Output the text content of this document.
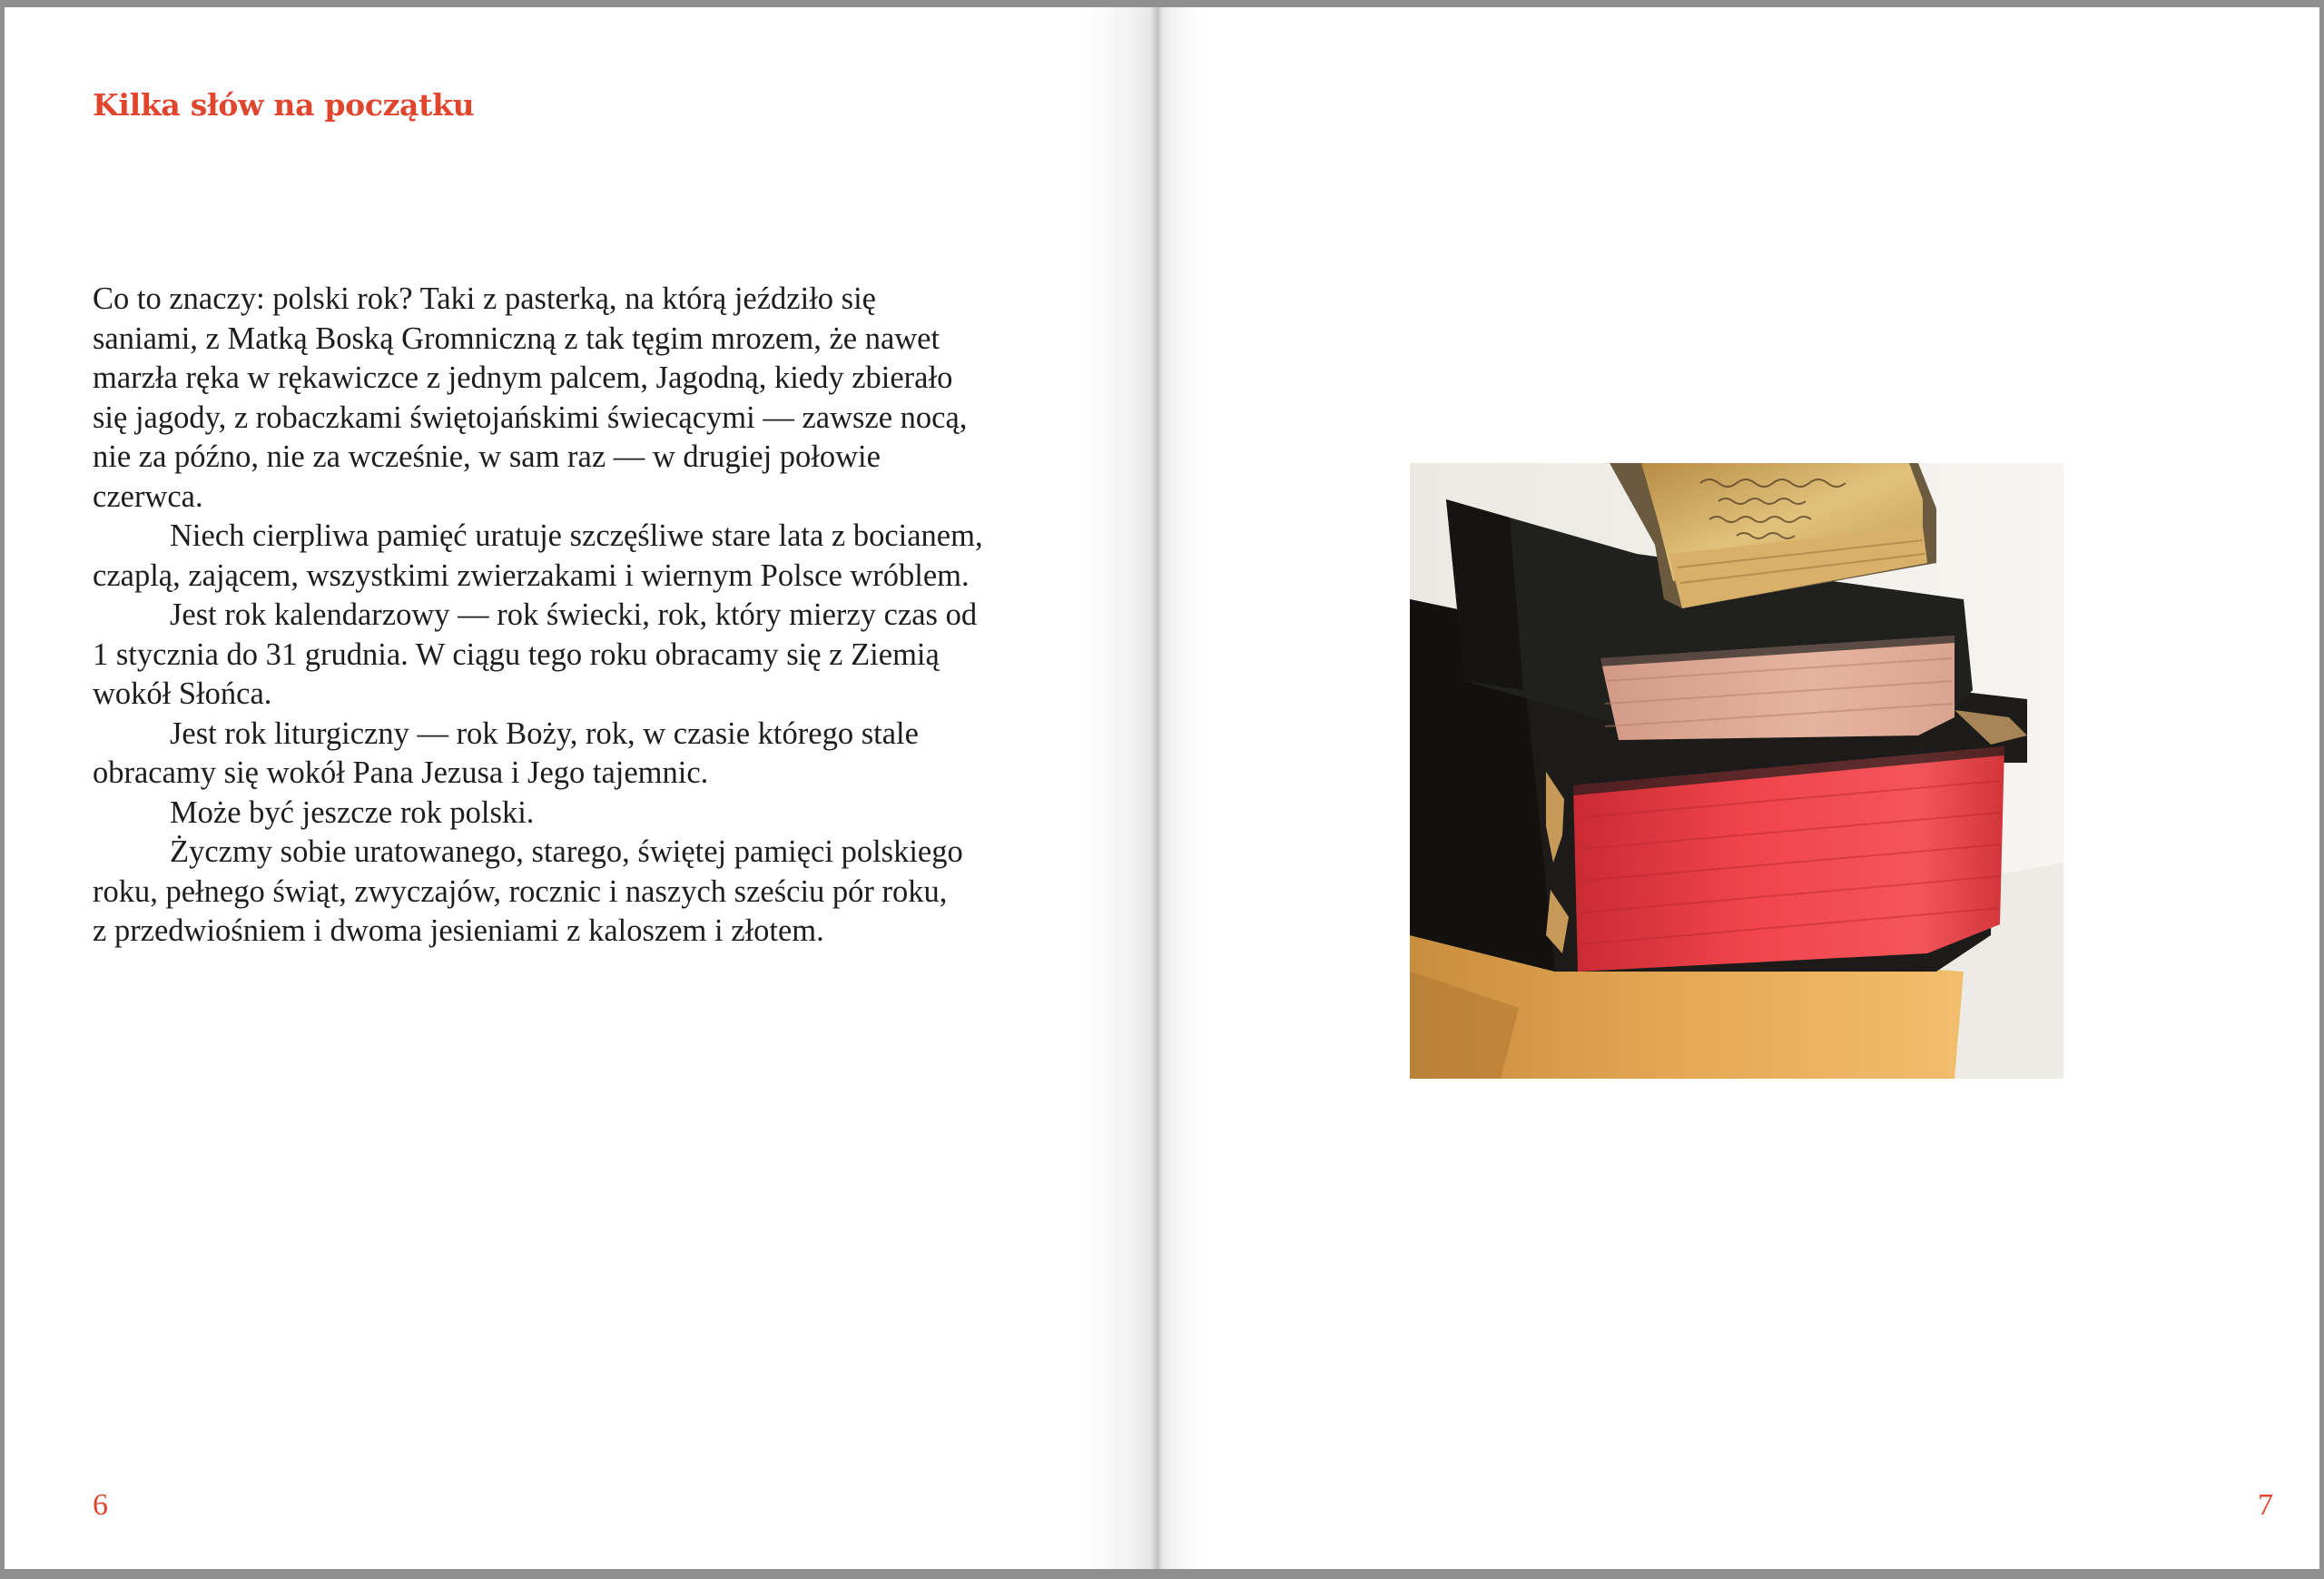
Kilka słów na początku

Co to znaczy: polski rok? Taki z pasterką, na którą jeździło się

saniami, z Matką Boską Gromniczną z tak tęgim mrozem, że nawet

marzła ręka w rękawiczce z jednym palcem, Jagodną, kiedy zbierało

się jagody, z robaczkami świętojańskimi świecącymi — zawsze nocą,

nie za późno, nie za wcześnie, w sam raz — w drugiej połowie

czerwca.

Niech cierpliwa pamięć uratuje szczęśliwe stare lata z bocianem,

czaplą, zającem, wszystkimi zwierzakami i wiernym Polsce wróblem.

Jest rok kalendarzowy — rok świecki, rok, który mierzy czas od

1 stycznia do 31 grudnia. W ciągu tego roku obracamy się z Ziemią

wokół Słońca.

Jest rok liturgiczny — rok Boży, rok, w czasie którego stale

obracamy się wokół Pana Jezusa i Jego tajemnic.

Może być jeszcze rok polski.

Życzmy sobie uratowanego, starego, świętej pamięci polskiego

roku, pełnego świąt, zwyczajów, rocznic i naszych sześciu pór roku,

z przedwiośniem i dwoma jesieniami z kaloszem i złotem.

6	7
